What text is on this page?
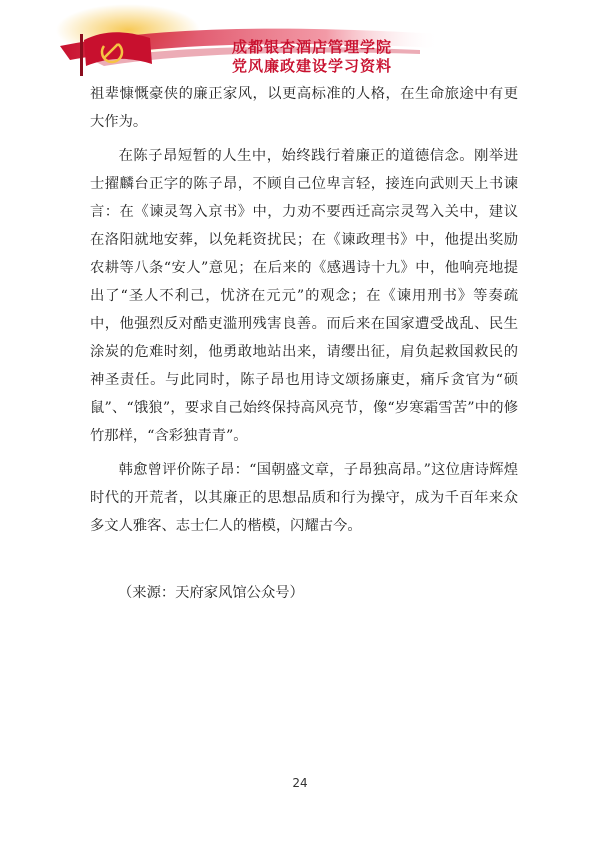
成都银杏酒店管理学院
党风廉政建设学习资料

祖辈慷慨豪侠的廉正家风，以更高标准的人格，在生命旅途中有更大作为。

在陈子昂短暂的人生中，始终践行着廉正的道德信念。刚举进士擢麟台正字的陈子昂，不顾自己位卑言轻，接连向武则天上书谏言：在《谏灵驾入京书》中，力劝不要西迁高宗灵驾入关中，建议在洛阳就地安葬，以免耗资扰民；在《谏政理书》中，他提出奖励农耕等八条“安人”意见；在后来的《感遇诗十九》中，他响亮地提出了“圣人不利己，忧济在元元”的观念；在《谏用刑书》等奏疏中，他强烈反对酷吏滥刑残害良善。而后来在国家遭受战乱、民生涂炭的危难时刻，他勇敢地站出来，请缨出征，肩负起救国救民的神圣责任。与此同时，陈子昂也用诗文颂扬廉吏，痛斥贪官为“硕鼠”、“饿狼”，要求自己始终保持高风亮节，像“岁寒霜雪苦”中的修竹那样，“含彩独青青”。

韩愈曾评价陈子昂：“国朝盛文章，子昂独高昂。”这位唐诗辉煌时代的开荒者，以其廉正的思想品质和行为操守，成为千百年来众多文人雅客、志士仁人的楷模，闪耀古今。

（来源：天府家风馆公众号）
24
